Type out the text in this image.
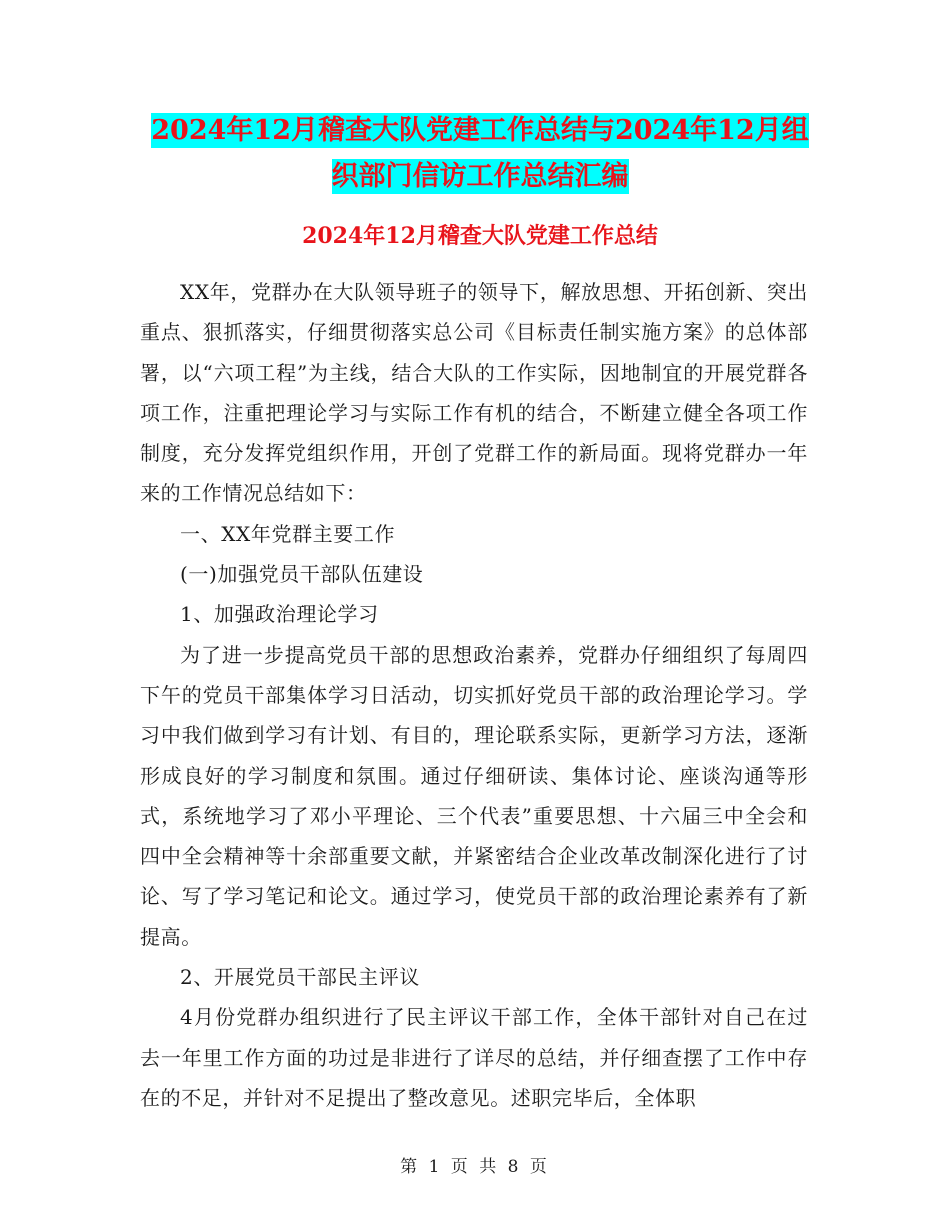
2024年12月稽查大队党建工作总结与2024年12月组
织部门信访工作总结汇编
2024年12月稽查大队党建工作总结

XX年，党群办在大队领导班子的领导下，解放思想、开拓创新、突出重点、狠抓落实，仔细贯彻落实总公司《目标责任制实施方案》的总体部署，以“六项工程”为主线，结合大队的工作实际，因地制宜的开展党群各项工作，注重把理论学习与实际工作有机的结合，不断建立健全各项工作制度，充分发挥党组织作用，开创了党群工作的新局面。现将党群办一年来的工作情况总结如下：

一、XX年党群主要工作

(一)加强党员干部队伍建设

1、加强政治理论学习

为了进一步提高党员干部的思想政治素养，党群办仔细组织了每周四下午的党员干部集体学习日活动，切实抓好党员干部的政治理论学习。学习中我们做到学习有计划、有目的，理论联系实际，更新学习方法，逐渐形成良好的学习制度和氛围。通过仔细研读、集体讨论、座谈沟通等形式，系统地学习了邓小平理论、三个代表”重要思想、十六届三中全会和四中全会精神等十余部重要文献，并紧密结合企业改革改制深化进行了讨论、写了学习笔记和论文。通过学习，使党员干部的政治理论素养有了新提高。

2、开展党员干部民主评议

4月份党群办组织进行了民主评议干部工作，全体干部针对自己在过去一年里工作方面的功过是非进行了详尽的总结，并仔细查摆了工作中存在的不足，并针对不足提出了整改意见。述职完毕后，全体职

第 1 页 共 8 页
